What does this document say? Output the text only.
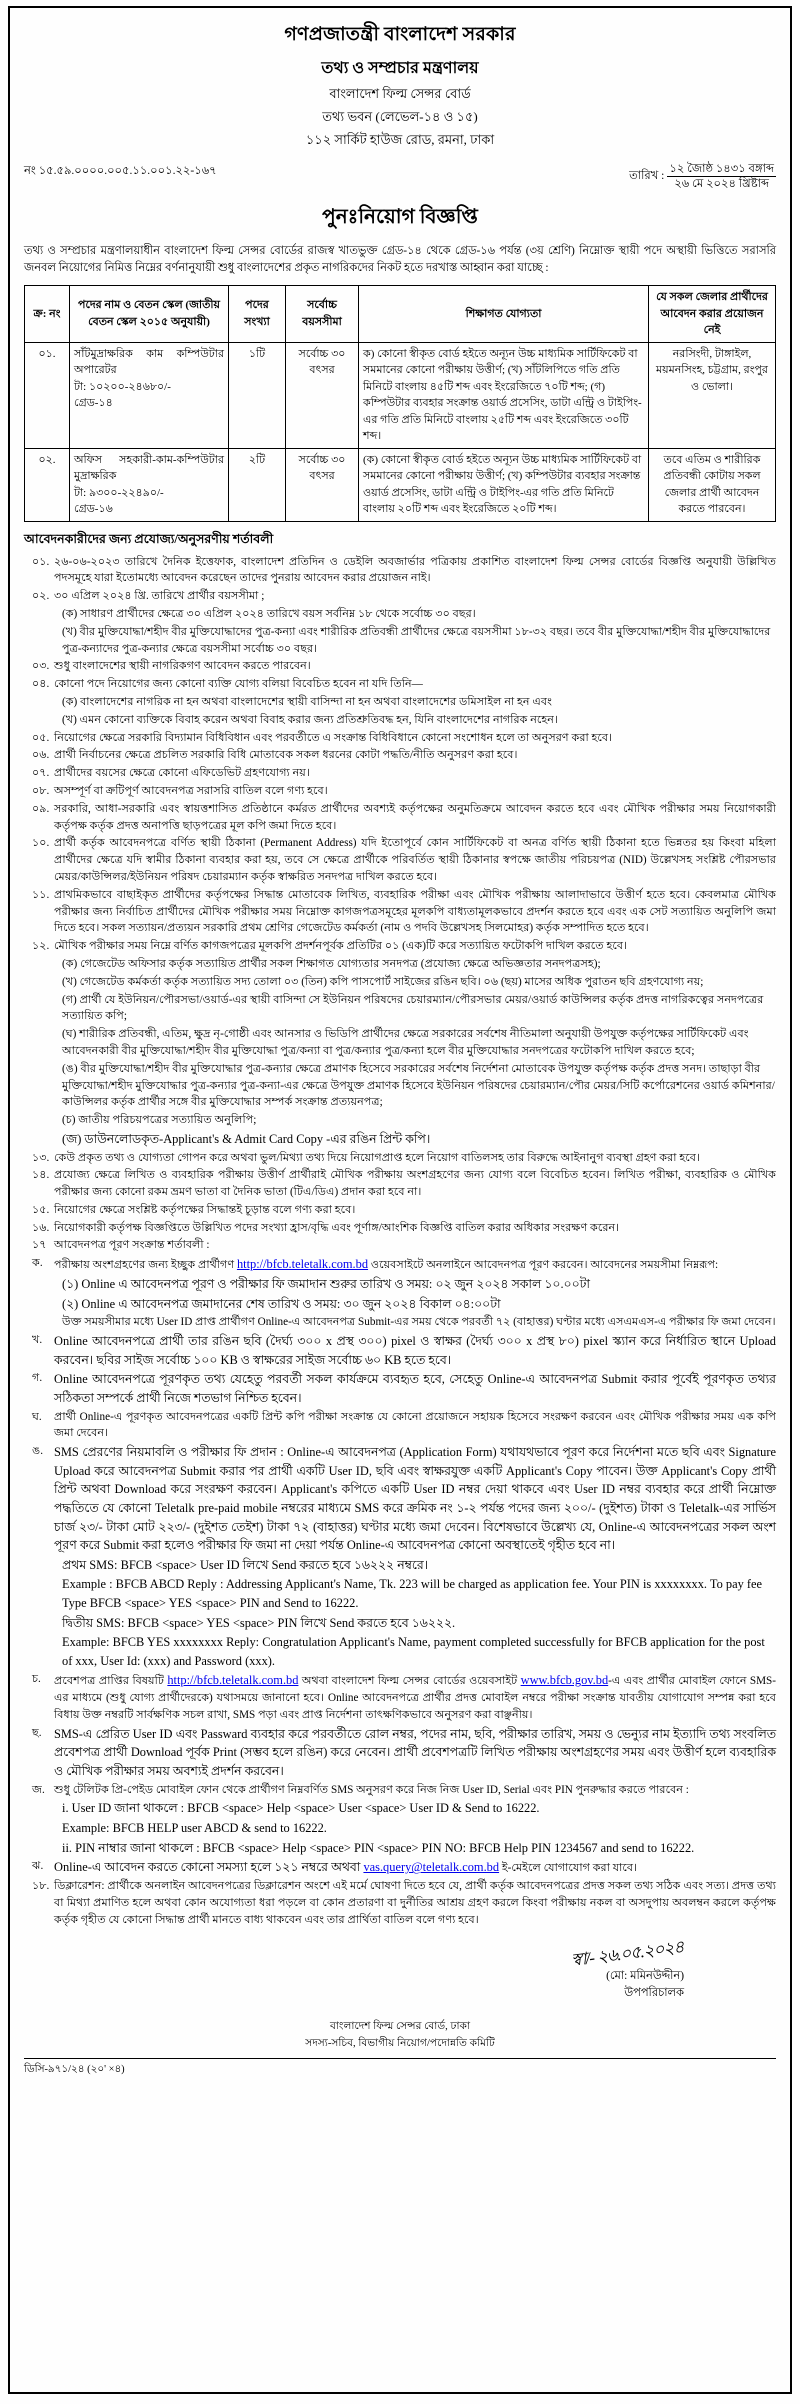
গণপ্রজাতন্ত্রী বাংলাদেশ সরকার
তথ্য ও সম্প্রচার মন্ত্রণালয়
বাংলাদেশ ফিল্ম সেন্সর বোর্ড
তথ্য ভবন (লেভেল-১৪ ও ১৫)
১১২ সার্কিট হাউজ রোড, রমনা, ঢাকা
নং ১৫.৫৯.০০০০.০০৫.১১.০০১.২২-১৬৭	তারিখ : $\frac{\text{১২ জৈাষ্ঠ ১৪৩১ বঙ্গাব্দ}}{\text{২৬ মে ২০২৪ খ্রিষ্টাব্দ}}$
পুনঃনিয়োগ বিজ্ঞপ্তি

তথ্য ও সম্প্রচার মন্ত্রণালয়াধীন বাংলাদেশ ফিল্ম সেন্সর বোর্ডের রাজস্ব খাতভুক্ত গ্রেড-১৪ থেকে গ্রেড-১৬ পর্যন্ত (৩য় শ্রেণি) নিম্নোক্ত স্থায়ী পদে অস্থায়ী ভিত্তিতে সরাসরি জনবল নিয়োগের নিমিত্ত নিম্নের বর্ণনানুযায়ী শুধু বাংলাদেশের প্রকৃত নাগরিকদের নিকট হতে দরখাস্ত আহ্বান করা যাচ্ছে :

ক্র: নং	পদের নাম ও বেতন স্কেল (জাতীয় বেতন স্কেল ২০১৫ অনুযায়ী)	পদের সংখ্যা	সর্বোচ্চ বয়সসীমা	শিক্ষাগত যোগ্যতা	যে সকল জেলার প্রার্থীদের আবেদন করার প্রয়োজন নেই
০১.	সাঁটমুদ্রাক্ষরিক কাম কম্পিউটার অপারেটর
টা: ১০২০০-২৪৬৮০/-
গ্রেড-১৪
	১টি	সর্বোচ্চ ৩০ বৎসর	ক) কোনো স্বীকৃত বোর্ড হইতে অন্যূন উচ্চ মাধ্যমিক সার্টিফিকেট বা সমমানের কোনো পরীক্ষায় উত্তীর্ণ; (খ) সাঁটলিপিতে গতি প্রতি মিনিটে বাংলায় ৪৫টি শব্দ এবং ইংরেজিতে ৭০টি শব্দ; (গ) কম্পিউটার ব্যবহার সংক্রান্ত ওয়ার্ড প্রসেসিং, ডাটা এন্ট্রি ও টাইপিং-এর গতি প্রতি মিনিটে বাংলায় ২৫টি শব্দ এবং ইংরেজিতে ৩০টি শব্দ।	নরসিংদী, টাঙ্গাইল, ময়মনসিংহ, চট্টগ্রাম, রংপুর ও ভোলা।
০২.	অফিস সহকারী-কাম-কম্পিউটার মুদ্রাক্ষরিক
টা: ৯৩০০-২২৪৯০/-
গ্রেড-১৬
	২টি	সর্বোচ্চ ৩০ বৎসর	(ক) কোনো স্বীকৃত বোর্ড হইতে অন্যূন উচ্চ মাধ্যমিক সার্টিফিকেট বা সমমানের কোনো পরীক্ষায় উত্তীর্ণ; (খ) কম্পিউটার ব্যবহার সংক্রান্ত ওয়ার্ড প্রসেসিং, ডাটা এন্ট্রি ও টাইপিং-এর গতি প্রতি মিনিটে বাংলায় ২০টি শব্দ এবং ইংরেজিতে ২০টি শব্দ।	তবে এতিম ও শারীরিক প্রতিবন্ধী কোটায় সকল জেলার প্রার্থী আবেদন করতে পারবেন।
আবেদনকারীদের জন্য প্রযোজ্য/অনুসরণীয় শর্তাবলী
০১. ২৬-০৬-২০২৩ তারিখে দৈনিক ইত্তেফাক, বাংলাদেশ প্রতিদিন ও ডেইলি অবজার্ভার পত্রিকায় প্রকাশিত বাংলাদেশ ফিল্ম সেন্সর বোর্ডের বিজ্ঞপ্তি অনুযায়ী উল্লিখিত পদসমূহে যারা ইতোমধ্যে আবেদন করেছেন তাদের পুনরায় আবেদন করার প্রয়োজন নাই।
০২. ৩০ এপ্রিল ২০২৪ খ্রি. তারিখে প্রার্থীর বয়সসীমা ;
(ক) সাধারণ প্রার্থীদের ক্ষেত্রে ৩০ এপ্রিল ২০২৪ তারিখে বয়স সর্বনিম্ন ১৮ থেকে সর্বোচ্চ ৩০ বছর।
(খ) বীর মুক্তিযোদ্ধা/শহীদ বীর মুক্তিযোদ্ধাদের পুত্র-কন্যা এবং শারীরিক প্রতিবন্ধী প্রার্থীদের ক্ষেত্রে বয়সসীমা ১৮-৩২ বছর। তবে বীর মুক্তিযোদ্ধা/শহীদ বীর মুক্তিযোদ্ধাদের পুত্র-কন্যাদের পুত্র-কন্যার ক্ষেত্রে বয়সসীমা সর্বোচ্চ ৩০ বছর।
০৩. শুধু বাংলাদেশের স্থায়ী নাগরিকগণ আবেদন করতে পারবেন।
০৪. কোনো পদে নিয়োগের জন্য কোনো ব্যক্তি যোগ্য বলিয়া বিবেচিত হবেন না যদি তিনি—
(ক) বাংলাদেশের নাগরিক না হন অথবা বাংলাদেশের স্থায়ী বাসিন্দা না হন অথবা বাংলাদেশের ডমিসাইল না হন এবং
(খ) এমন কোনো ব্যক্তিকে বিবাহ করেন অথবা বিবাহ করার জন্য প্রতিশ্রুতিবদ্ধ হন, যিনি বাংলাদেশের নাগরিক নহেন।
০৫. নিয়োগের ক্ষেত্রে সরকারি বিদ্যামান বিধিবিধান এবং পরবর্তীতে এ সংক্রান্ত বিধিবিধানে কোনো সংশোধন হলে তা অনুসরণ করা হবে।
০৬. প্রার্থী নির্বাচনের ক্ষেত্রে প্রচলিত সরকারি বিধি মোতাবেক সকল ধরনের কোটা পদ্ধতি/নীতি অনুসরণ করা হবে।
০৭. প্রার্থীদের বয়সের ক্ষেত্রে কোনো এফিডেভিট গ্রহণযোগ্য নয়।
০৮. অসম্পূর্ণ বা ক্রটিপূর্ণ আবেদনপত্র সরাসরি বাতিল বলে গণ্য হবে।
০৯. সরকারি, আধা-সরকারি এবং স্বায়ত্তশাসিত প্রতিষ্ঠানে কর্মরত প্রার্থীদের অবশ্যই কর্তৃপক্ষের অনুমতিক্রমে আবেদন করতে হবে এবং মৌখিক পরীক্ষার সময় নিয়োগকারী কর্তৃপক্ষ কর্তৃক প্রদত্ত অনাপত্তি ছাড়পত্রের মূল কপি জমা দিতে হবে।
১০. প্রার্থী কর্তৃক আবেদনপত্রে বর্ণিত স্থায়ী ঠিকানা (Permanent Address) যদি ইতোপূর্বে কোন সার্টিফিকেট বা অনত্র বর্ণিত স্থায়ী ঠিকানা হতে ভিন্নতর হয় কিংবা মহিলা প্রার্থীদের ক্ষেত্রে যদি স্বামীর ঠিকানা ব্যবহার করা হয়, তবে সে ক্ষেত্রে প্রার্থীকে পরিবর্তিত স্থায়ী ঠিকানার স্বপক্ষে জাতীয় পরিচয়পত্র (NID) উল্লেখসহ সংশ্লিষ্ট পৌরসভার মেয়র/কাউন্সিলর/ইউনিয়ন পরিষদ চেয়ারম্যান কর্তৃক স্বাক্ষরিত সনদপত্র দাখিল করতে হবে।
১১. প্রাথমিকভাবে বাছাইকৃত প্রার্থীদের কর্তৃপক্ষের সিদ্ধান্ত মোতাবেক লিখিত, ব্যবহারিক পরীক্ষা এবং মৌখিক পরীক্ষায় আলাদাভাবে উত্তীর্ণ হতে হবে। কেবলমাত্র মৌখিক পরীক্ষার জন্য নির্বাচিত প্রার্থীদের মৌখিক পরীক্ষার সময় নিম্নোক্ত কাগজপত্রসমূহের মূলকপি বাধ্যতামূলকভাবে প্রদর্শন করতে হবে এবং এক সেট সত্যায়িত অনুলিপি জমা দিতে হবে। সকল সত্যায়ন/প্রত্যয়ন সরকারি প্রথম শ্রেণির গেজেটেড কর্মকর্তা (নাম ও পদবি উল্লেখসহ সিলমোহর) কর্তৃক সম্পাদিত হতে হবে।
১২. মৌখিক পরীক্ষার সময় নিম্নে বর্ণিত কাগজপত্রের মূলকপি প্রদর্শনপূর্বক প্রতিটির ০১ (এক)টি করে সত্যায়িত ফটোকপি দাখিল করতে হবে।
(ক) গেজেটেড অফিসার কর্তৃক সত্যায়িত প্রার্থীর সকল শিক্ষাগত যোগ্যতার সনদপত্র (প্রযোজ্য ক্ষেত্রে অভিজ্ঞতার সনদপত্রসহ);
(খ) গেজেটেড কর্মকর্তা কর্তৃক সত্যায়িত সদ্য তোলা ০৩ (তিন) কপি পাসপোর্ট সাইজের রঙিন ছবি। ০৬ (ছয়) মাসের অধিক পুরাতন ছবি গ্রহণযোগ্য নয়;
(গ) প্রার্থী যে ইউনিয়ন/পৌরসভা/ওয়ার্ড-এর স্থায়ী বাসিন্দা সে ইউনিয়ন পরিষদের চেয়ারম্যান/পৌরসভার মেয়র/ওয়ার্ড কাউন্সিলর কর্তৃক প্রদত্ত নাগরিকত্বের সনদপত্রের সত্যায়িত কপি;
(ঘ) শারীরিক প্রতিবন্ধী, এতিম, ক্ষুদ্র নৃ-গোষ্ঠী এবং আনসার ও ভিডিপি প্রার্থীদের ক্ষেত্রে সরকারের সর্বশেষ নীতিমালা অনুযায়ী উপযুক্ত কর্তৃপক্ষের সার্টিফিকেট এবং আবেদনকারী বীর মুক্তিযোদ্ধা/শহীদ বীর মুক্তিযোদ্ধা পুত্র/কন্যা বা পুত্র/কন্যার পুত্র/কন্যা হলে বীর মুক্তিযোদ্ধার সনদপত্রের ফটোকপি দাখিল করতে হবে;
(ঙ) বীর মুক্তিযোদ্ধা/শহীদ বীর মুক্তিযোদ্ধার পুত্র-কন্যার ক্ষেত্রে প্রমাণক হিসেবে সরকারের সর্বশেষ নির্দেশনা মোতাবেক উপযুক্ত কর্তৃপক্ষ কর্তৃক প্রদত্ত সনদ। তাছাড়া বীর মুক্তিযোদ্ধা/শহীদ মুক্তিযোদ্ধার পুত্র-কন্যার পুত্র-কন্যা-এর ক্ষেত্রে উপযুক্ত প্রমাণক হিসেবে ইউনিয়ন পরিষদের চেয়ারম্যান/পৌর মেয়র/সিটি কর্পোরেশনের ওয়ার্ড কমিশনার/কাউন্সিলর কর্তৃক প্রার্থীর সঙ্গে বীর মুক্তিযোদ্ধার সম্পর্ক সংক্রান্ত প্রত্যয়নপত্র;
(চ) জাতীয় পরিচয়পত্রের সত্যায়িত অনুলিপি;
(জ) ডাউনলোডকৃত-Applicant's & Admit Card Copy -এর রঙিন প্রিন্ট কপি।
১৩. কেউ প্রকৃত তথ্য ও যোগ্যতা গোপন করে অথবা ভুল/মিথ্যা তথ্য দিয়ে নিয়োগপ্রাপ্ত হলে নিয়োগ বাতিলসহ তার বিরুদ্ধে আইনানুগ ব্যবস্থা গ্রহণ করা হবে।
১৪. প্রযোজ্য ক্ষেত্রে লিখিত ও ব্যবহারিক পরীক্ষায় উত্তীর্ণ প্রার্থীরাই মৌখিক পরীক্ষায় অংশগ্রহণের জন্য যোগ্য বলে বিবেচিত হবেন। লিখিত পরীক্ষা, ব্যবহারিক ও মৌখিক পরীক্ষার জন্য কোনো রকম ভ্রমণ ভাতা বা দৈনিক ভাতা (টিএ/ডিএ) প্রদান করা হবে না।
১৫. নিয়োগের ক্ষেত্রে সংশ্লিষ্ট কর্তৃপক্ষের সিদ্ধান্তই চূড়ান্ত বলে গণ্য করা হবে।
১৬. নিয়োগকারী কর্তৃপক্ষ বিজ্ঞপ্তিতে উল্লিখিত পদের সংখ্যা হ্রাস/বৃদ্ধি এবং পূর্ণাঙ্গ/আংশিক বিজ্ঞপ্তি বাতিল করার অধিকার সংরক্ষণ করেন।
১৭ আবেদনপত্র পূরণ সংক্রান্ত শর্তাবলী :
ক.	পরীক্ষায় অংশগ্রহণের জন্য ইচ্ছুক প্রার্থীগণ http://bfcb.teletalk.com.bd ওয়েবসাইটে অনলাইনে আবেদনপত্র পূরণ করবেন। আবেদনের সময়সীমা নিম্নরূপ:
(১) Online এ আবেদনপত্র পূরণ ও পরীক্ষার ফি জমাদান শুরুর তারিখ ও সময়: ০২ জুন ২০২৪ সকাল ১০.০০টা
(২) Online এ আবেদনপত্র জমাদানের শেষ তারিখ ও সময়: ৩০ জুন ২০২৪ বিকাল ০৪:০০টা
উক্ত সময়সীমার মধ্যে User ID প্রাপ্ত প্রার্থীগণ Online-এ আবেদনপত্র Submit-এর সময় থেকে পরবর্তী ৭২ (বাহাত্তর) ঘণ্টার মধ্যে এসএমএস-এ পরীক্ষার ফি জমা দেবেন।
খ. Online আবেদনপত্রে প্রার্থী তার রঙিন ছবি (দৈর্ঘ্য ৩০০ x প্রস্থ ৩০০) pixel ও স্বাক্ষর (দৈর্ঘ্য ৩০০ x প্রস্থ ৮০) pixel স্ক্যান করে নির্ধারিত স্থানে Upload করবেন। ছবির সাইজ সর্বোচ্চ ১০০ KB ও স্বাক্ষরের সাইজ সর্বোচ্চ ৬০ KB হতে হবে।
গ. Online আবেদনপত্রে পূরণকৃত তথ্য যেহেতু পরবর্তী সকল কার্যক্রমে ব্যবহৃত হবে, সেহেতু Online-এ আবেদনপত্র Submit করার পূর্বেই পূরণকৃত তথ্যর সঠিকতা সম্পর্কে প্রার্থী নিজে শতভাগ নিশ্চিত হবেন।
ঘ.	প্রার্থী Online-এ পূরণকৃত আবেদনপত্রের একটি প্রিন্ট কপি পরীক্ষা সংক্রান্ত যে কোনো প্রয়োজনে সহায়ক হিসেবে সংরক্ষণ করবেন এবং মৌখিক পরীক্ষার সময় এক কপি জমা দেবেন।
ঙ. SMS প্রেরণের নিয়মাবলি ও পরীক্ষার ফি প্রদান : Online-এ আবেদনপত্র (Application Form) যথাযথভাবে পূরণ করে নির্দেশনা মতে ছবি এবং Signature Upload করে আবেদনপত্র Submit করার পর প্রার্থী একটি User ID, ছবি এবং স্বাক্ষরযুক্ত একটি Applicant's Copy পাবেন। উক্ত Applicant's Copy প্রার্থী প্রিন্ট অথবা Download করে সংরক্ষণ করবেন। Applicant's কপিতে একটি User ID নম্বর দেয়া থাকবে এবং User ID নম্বর ব্যবহার করে প্রার্থী নিম্নোক্ত পদ্ধতিতে যে কোনো Teletalk pre-paid mobile নম্বরের মাধ্যমে SMS করে ক্রমিক নং ১-২ পর্যন্ত পদের জন্য ২০০/- (দুইশত) টাকা ও Teletalk-এর সার্ভিস চার্জ ২৩/- টাকা মোট ২২৩/- (দুইশত তেইশ) টাকা ৭২ (বাহাত্তর) ঘণ্টার মধ্যে জমা দেবেন। বিশেষভাবে উল্লেখ্য যে, Online-এ আবেদনপত্রের সকল অংশ পূরণ করে Submit করা হলেও পরীক্ষার ফি জমা না দেয়া পর্যন্ত Online-এ আবেদনপত্র কোনো অবস্থাতেই গৃহীত হবে না।
প্রথম SMS: BFCB <space> User ID লিখে Send করতে হবে ১৬২২২ নম্বরে।
Example : BFCB ABCD Reply : Addressing Applicant's Name, Tk. 223 will be charged as application fee. Your PIN is xxxxxxxx. To pay fee Type BFCB <space> YES <space> PIN and Send to 16222.
দ্বিতীয় SMS: BFCB <space> YES <space> PIN লিখে Send করতে হবে ১৬২২২.
Example: BFCB YES xxxxxxxx Reply: Congratulation Applicant's Name, payment completed successfully for BFCB application for the post of xxx, User Id: (xxx) and Password (xxx).
চ.	প্রবেশপত্র প্রাপ্তির বিষয়টি http://bfcb.teletalk.com.bd অথবা বাংলাদেশ ফিল্ম সেন্সর বোর্ডের ওয়েবসাইট www.bfcb.gov.bd-এ এবং প্রার্থীর মোবাইল ফোনে SMS-এর মাধ্যমে (শুধু যোগ্য প্রার্থীদেরকে) যথাসময়ে জানানো হবে। Online আবেদনপত্রে প্রার্থীর প্রদত্ত মোবাইল নম্বরে পরীক্ষা সংক্রান্ত যাবতীয় যোগাযোগ সম্পন্ন করা হবে বিধায় উক্ত নম্বরটি সার্বক্ষণিক সচল রাখা, SMS পড়া এবং প্রাপ্ত নির্দেশনা তাৎক্ষণিকভাবে অনুসরণ করা বাঞ্ছনীয়।
ছ.	SMS-এ প্রেরিত User ID এবং Passward ব্যবহার করে পরবর্তীতে রোল নম্বর, পদের নাম, ছবি, পরীক্ষার তারিখ, সময় ও ভেন্যুর নাম ইত্যাদি তথ্য সংবলিত প্রবেশপত্র প্রার্থী Download পূর্বক Print (সম্ভব হলে রঙিন) করে নেবেন। প্রার্থী প্রবেশপত্রটি লিখিত পরীক্ষায় অংশগ্রহণের সময় এবং উত্তীর্ণ হলে ব্যবহারিক ও মৌখিক পরীক্ষার সময় অবশ্যই প্রদর্শন করবেন।
জ. শুধু টেলিটক প্রি-পেইড মোবাইল ফোন থেকে প্রার্থীগণ নিম্নবর্ণিত SMS অনুসরণ করে নিজ নিজ User ID, Serial এবং PIN পুনরুদ্ধার করতে পারবেন :
i. User ID জানা থাকলে : BFCB <space> Help <space> User <space> User ID & Send to 16222.
Example: BFCB HELP user ABCD & send to 16222.
ii. PIN নাম্বার জানা থাকলে : BFCB <space> Help <space> PIN <space> PIN NO: BFCB Help PIN 1234567 and send to 16222.
ঝ. Online-এ আবেদন করতে কোনো সমস্যা হলে ১২১ নম্বরে অথবা vas.query@teletalk.com.bd ই-মেইলে যোগাযোগ করা যাবে।
১৮. ডিক্লারেশন: প্রার্থীকে অনলাইন আবেদনপত্রের ডিক্লারেশন অংশে এই মর্মে ঘোষণা দিতে হবে যে, প্রার্থী কর্তৃক আবেদনপত্রের প্রদত্ত সকল তথ্য সঠিক এবং সত্য। প্রদত্ত তথ্য বা মিথ্যা প্রমাণিত হলে অথবা কোন অযোগ্যতা ধরা পড়লে বা কোন প্রতারণা বা দুর্নীতির আশ্রয় গ্রহণ করলে কিংবা পরীক্ষায় নকল বা অসদুপায় অবলম্বন করলে কর্তৃপক্ষ কর্তৃক গৃহীত যে কোনো সিদ্ধান্ত প্রার্থী মানতে বাধ্য থাকবেন এবং তার প্রার্থিতা বাতিল বলে গণ্য হবে।
স্বা/- ২৬.০৫.২০২৪
(মো: মমিনউদ্দীন)
উপপরিচালক
বাংলাদেশ ফিল্ম সেন্সর বোর্ড, ঢাকা
সদস্য-সচিব, বিভাগীয় নিয়োগ/পদোন্নতি কমিটি
ডিসি-৯৭১/২৪ (২০' ×৪)
